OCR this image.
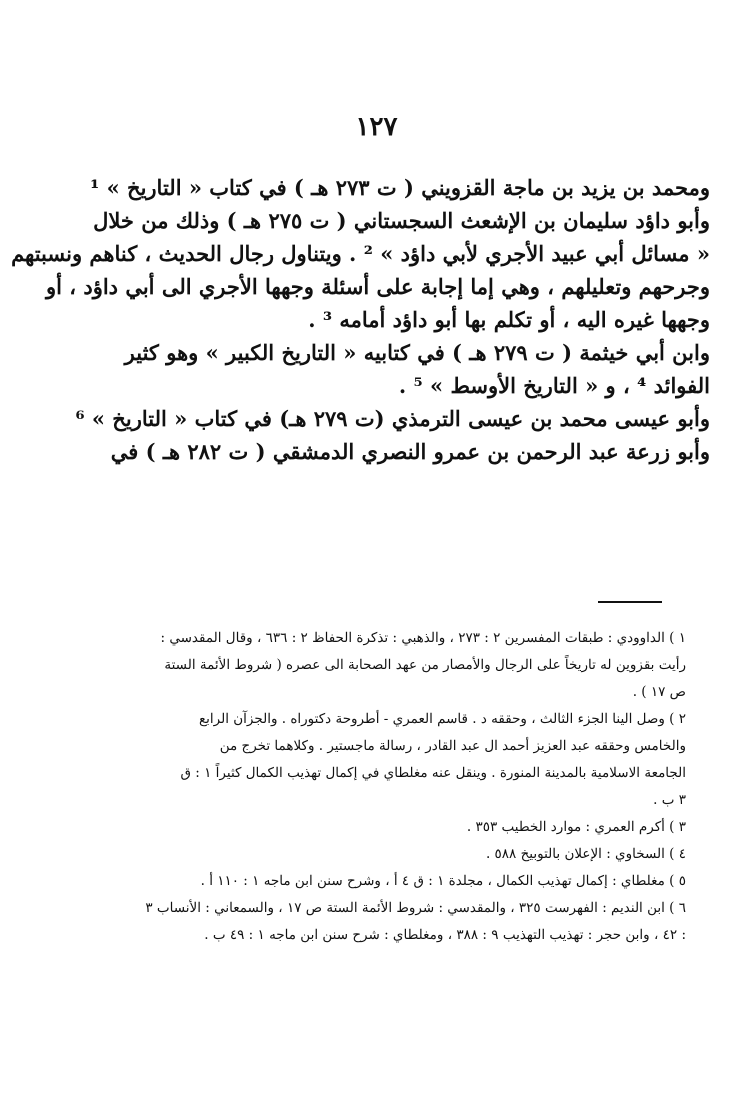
١٢٧
ومحمد بن يزيد بن ماجة القزويني ( ت ٢٧٣ هـ ) في كتاب « التاريخ » ¹
وأبو داؤد سليمان بن الإشعث السجستاني ( ت ٢٧٥ هـ ) وذلك من خلال
« مسائل أبي عبيد الأجري لأبي داؤد » ² . ويتناول رجال الحديث ، كناهم ونسبتهم
وجرحهم وتعليلهم ، وهي إما إجابة على أسئلة وجهها الأجري الى أبي داؤد ، أو
وجهها غيره اليه ، أو تكلم بها أبو داؤد أمامه ³ .
وابن أبي خيثمة ( ت ٢٧٩ هـ ) في كتابيه « التاريخ الكبير » وهو كثير
الفوائد ⁴ ، و « التاريخ الأوسط » ⁵ .
وأبو عيسى محمد بن عيسى الترمذي (ت ٢٧٩ هـ) في كتاب « التاريخ » ⁶
وأبو زرعة عبد الرحمن بن عمرو النصري الدمشقي ( ت ٢٨٢ هـ ) في
١ ) الداوودي : طبقات المفسرين ٢ : ٢٧٣ ، والذهبي : تذكرة الحفاظ ٢ : ٦٣٦ ، وقال المقدسي :
رأيت بقزوين له تاريخاً على الرجال والأمصار من عهد الصحابة الى عصره ( شروط الأئمة الستة
ص ١٧ ) .
٢ ) وصل الينا الجزء الثالث ، وحققه د . قاسم العمري - أطروحة دكتوراه . والجزآن الرابع
والخامس وحققه عبد العزيز أحمد ال عبد القادر ، رسالة ماجستير . وكلاهما تخرج من
الجامعة الاسلامية بالمدينة المنورة . وينقل عنه مغلطاي في إكمال تهذيب الكمال كثيراً ١ : ق
٣ ب .
٣ ) أكرم العمري : موارد الخطيب ٣٥٣ .
٤ ) السخاوي : الإعلان بالتوبيخ ٥٨٨ .
٥ ) مغلطاي : إكمال تهذيب الكمال ، مجلدة ١ : ق ٤ أ ، وشرح سنن ابن ماجه ١ : ١١٠ أ .
٦ ) ابن النديم : الفهرست ٣٢٥ ، والمقدسي : شروط الأئمة الستة ص ١٧ ، والسمعاني : الأنساب ٣
: ٤٢ ، وابن حجر : تهذيب التهذيب ٩ : ٣٨٨ ، ومغلطاي : شرح سنن ابن ماجه ١ : ٤٩ ب .
